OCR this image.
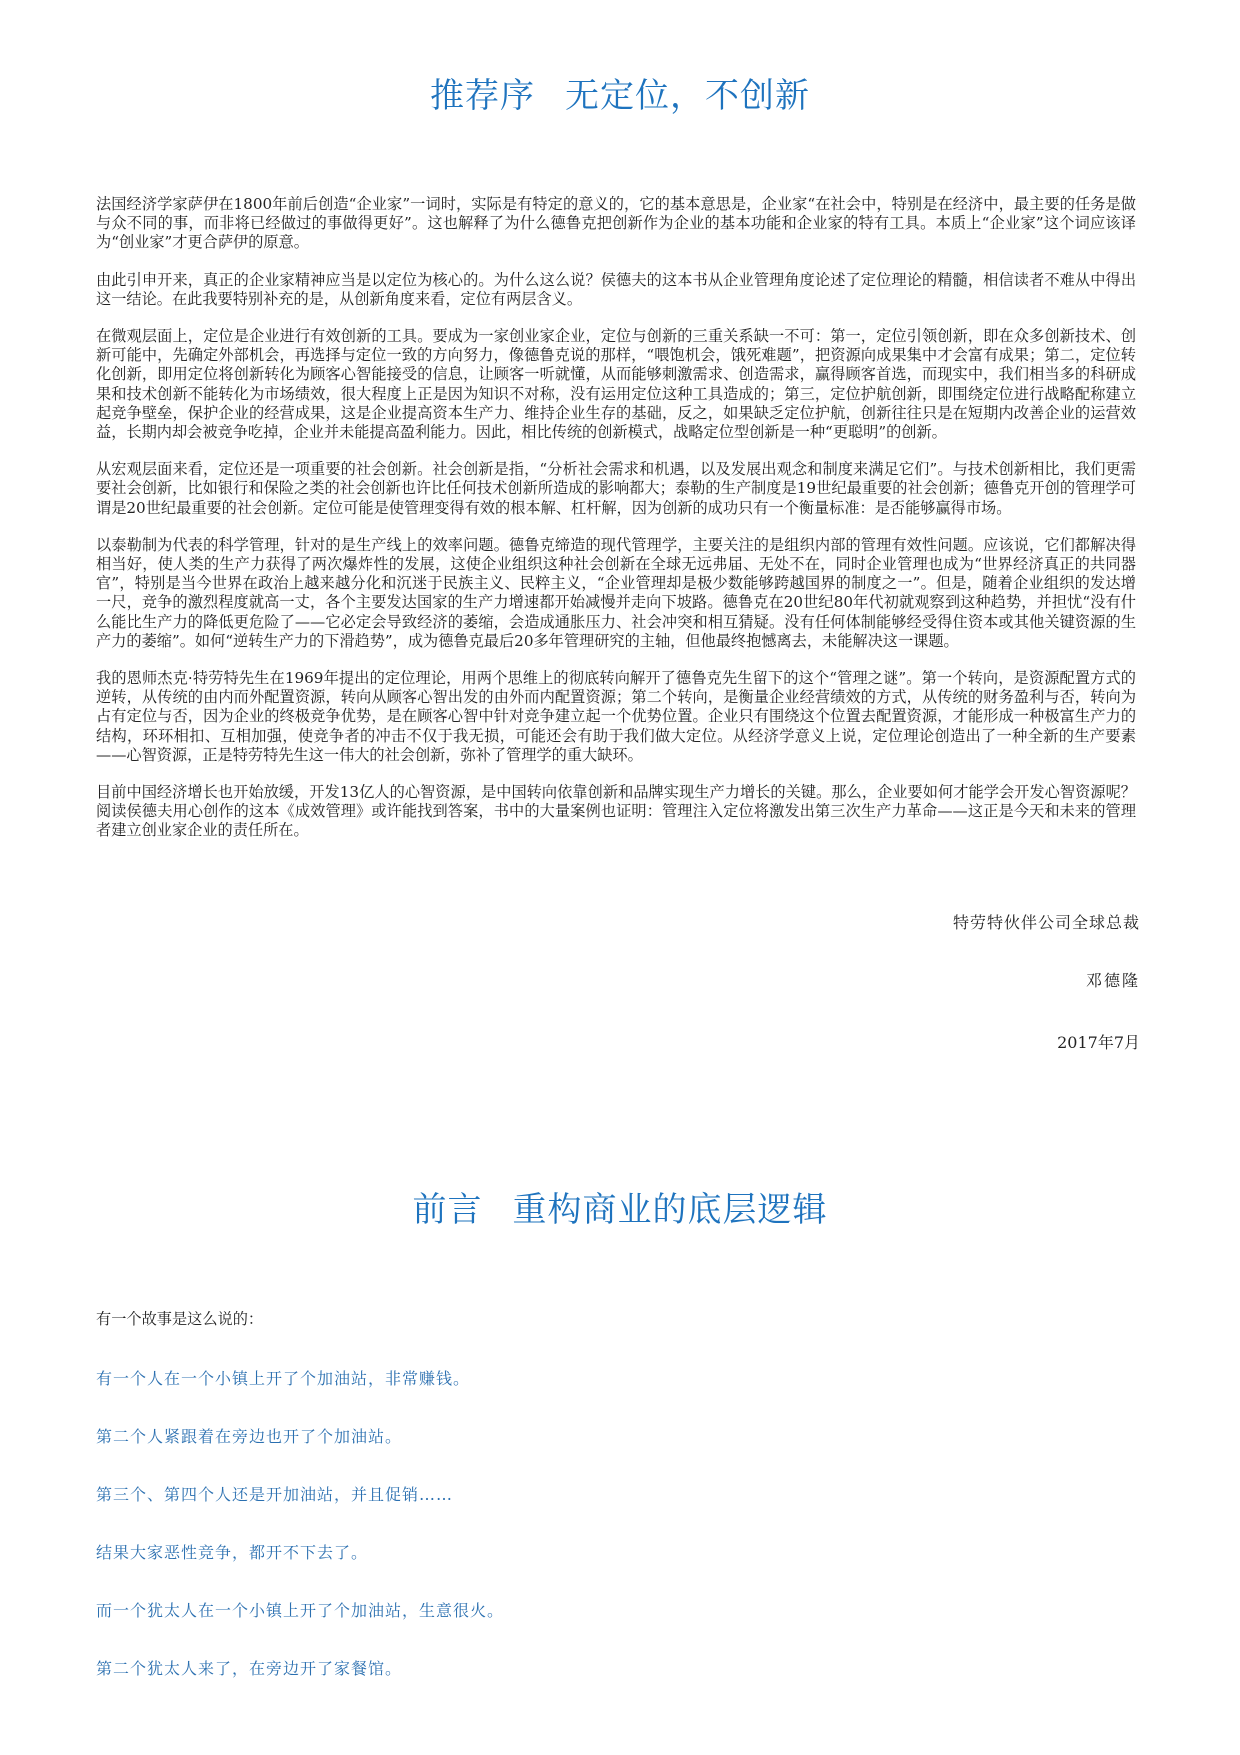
推荐序 无定位，不创新

法国经济学家萨伊在1800年前后创造“企业家”一词时，实际是有特定的意义的，它的基本意思是，企业家“在社会中，特别是在经济中，最主要的任务是做与众不同的事，而非将已经做过的事做得更好”。这也解释了为什么德鲁克把创新作为企业的基本功能和企业家的特有工具。本质上“企业家”这个词应该译为“创业家”才更合萨伊的原意。

由此引申开来，真正的企业家精神应当是以定位为核心的。为什么这么说？侯德夫的这本书从企业管理角度论述了定位理论的精髓，相信读者不难从中得出这一结论。在此我要特别补充的是，从创新角度来看，定位有两层含义。

在微观层面上，定位是企业进行有效创新的工具。要成为一家创业家企业，定位与创新的三重关系缺一不可：第一，定位引领创新，即在众多创新技术、创新可能中，先确定外部机会，再选择与定位一致的方向努力，像德鲁克说的那样，“喂饱机会，饿死难题”，把资源向成果集中才会富有成果；第二，定位转化创新，即用定位将创新转化为顾客心智能接受的信息，让顾客一听就懂，从而能够刺激需求、创造需求，赢得顾客首选，而现实中，我们相当多的科研成果和技术创新不能转化为市场绩效，很大程度上正是因为知识不对称，没有运用定位这种工具造成的；第三，定位护航创新，即围绕定位进行战略配称建立起竞争壁垒，保护企业的经营成果，这是企业提高资本生产力、维持企业生存的基础，反之，如果缺乏定位护航，创新往往只是在短期内改善企业的运营效益，长期内却会被竞争吃掉，企业并未能提高盈利能力。因此，相比传统的创新模式，战略定位型创新是一种“更聪明”的创新。

从宏观层面来看，定位还是一项重要的社会创新。社会创新是指，“分析社会需求和机遇，以及发展出观念和制度来满足它们”。与技术创新相比，我们更需要社会创新，比如银行和保险之类的社会创新也许比任何技术创新所造成的影响都大；泰勒的生产制度是19世纪最重要的社会创新；德鲁克开创的管理学可谓是20世纪最重要的社会创新。定位可能是使管理变得有效的根本解、杠杆解，因为创新的成功只有一个衡量标准：是否能够赢得市场。

以泰勒制为代表的科学管理，针对的是生产线上的效率问题。德鲁克缔造的现代管理学，主要关注的是组织内部的管理有效性问题。应该说，它们都解决得相当好，使人类的生产力获得了两次爆炸性的发展，这使企业组织这种社会创新在全球无远弗届、无处不在，同时企业管理也成为“世界经济真正的共同器官”，特别是当今世界在政治上越来越分化和沉迷于民族主义、民粹主义，“企业管理却是极少数能够跨越国界的制度之一”。但是，随着企业组织的发达增一尺，竞争的激烈程度就高一丈，各个主要发达国家的生产力增速都开始减慢并走向下坡路。德鲁克在20世纪80年代初就观察到这种趋势，并担忧“没有什么能比生产力的降低更危险了——它必定会导致经济的萎缩，会造成通胀压力、社会冲突和相互猜疑。没有任何体制能够经受得住资本或其他关键资源的生产力的萎缩”。如何“逆转生产力的下滑趋势”，成为德鲁克最后20多年管理研究的主轴，但他最终抱憾离去，未能解决这一课题。

我的恩师杰克·特劳特先生在1969年提出的定位理论，用两个思维上的彻底转向解开了德鲁克先生留下的这个“管理之谜”。第一个转向，是资源配置方式的逆转，从传统的由内而外配置资源，转向从顾客心智出发的由外而内配置资源；第二个转向，是衡量企业经营绩效的方式，从传统的财务盈利与否，转向为占有定位与否，因为企业的终极竞争优势，是在顾客心智中针对竞争建立起一个优势位置。企业只有围绕这个位置去配置资源，才能形成一种极富生产力的结构，环环相扣、互相加强，使竞争者的冲击不仅于我无损，可能还会有助于我们做大定位。从经济学意义上说，定位理论创造出了一种全新的生产要素——心智资源，正是特劳特先生这一伟大的社会创新，弥补了管理学的重大缺环。

目前中国经济增长也开始放缓，开发13亿人的心智资源，是中国转向依靠创新和品牌实现生产力增长的关键。那么，企业要如何才能学会开发心智资源呢？阅读侯德夫用心创作的这本《成效管理》或许能找到答案，书中的大量案例也证明：管理注入定位将激发出第三次生产力革命——这正是今天和未来的管理者建立创业家企业的责任所在。

特劳特伙伴公司全球总裁
邓德隆
2017年7月
前言 重构商业的底层逻辑
有一个故事是这么说的：
有一个人在一个小镇上开了个加油站，非常赚钱。
第二个人紧跟着在旁边也开了个加油站。
第三个、第四个人还是开加油站，并且促销……
结果大家恶性竞争，都开不下去了。
而一个犹太人在一个小镇上开了个加油站，生意很火。
第二个犹太人来了，在旁边开了家餐馆。
